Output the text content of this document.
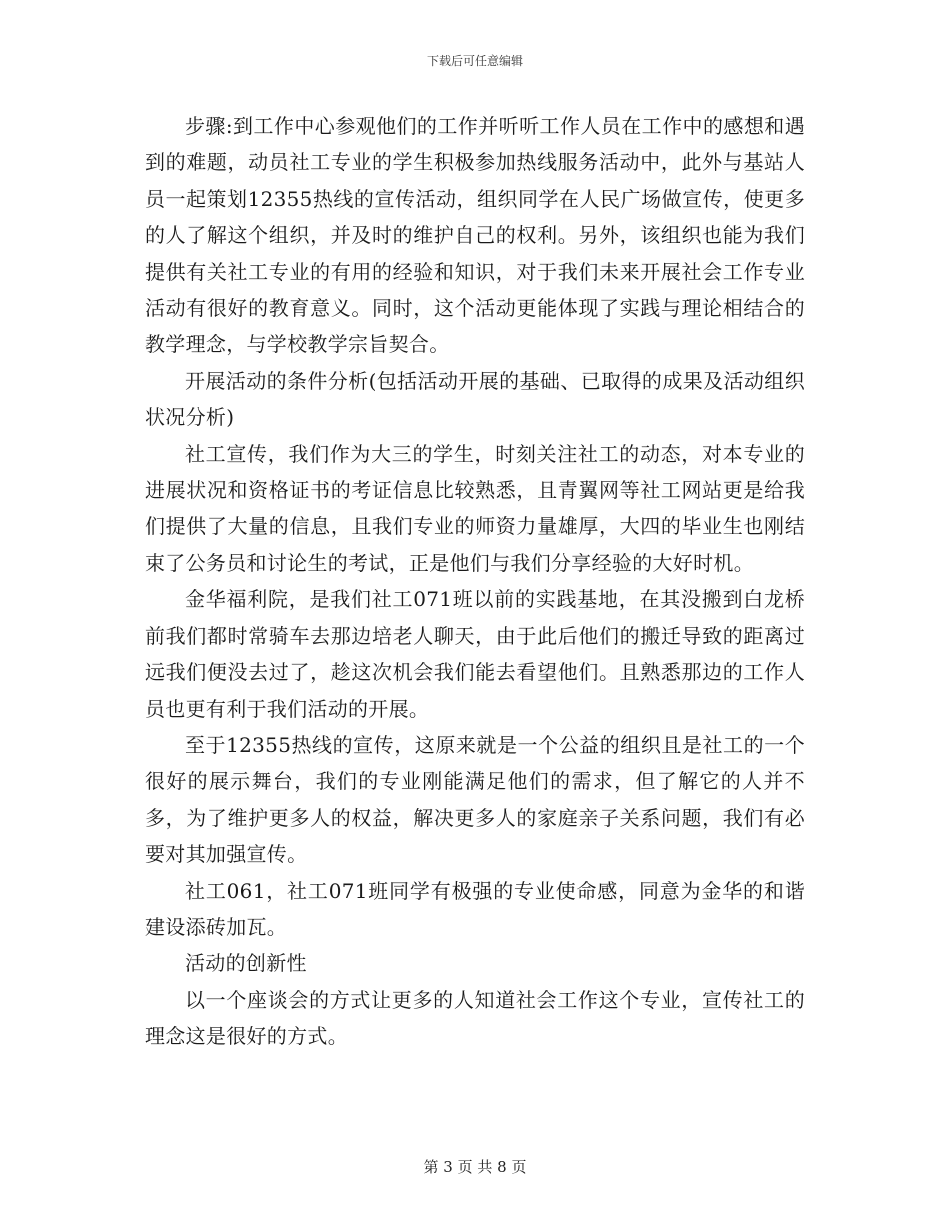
下载后可任意编辑

步骤:到工作中心参观他们的工作并听听工作人员在工作中的感想和遇到的难题，动员社工专业的学生积极参加热线服务活动中，此外与基站人员一起策划12355热线的宣传活动，组织同学在人民广场做宣传，使更多的人了解这个组织，并及时的维护自己的权利。另外，该组织也能为我们提供有关社工专业的有用的经验和知识，对于我们未来开展社会工作专业活动有很好的教育意义。同时，这个活动更能体现了实践与理论相结合的教学理念，与学校教学宗旨契合。

开展活动的条件分析(包括活动开展的基础、已取得的成果及活动组织状况分析)

社工宣传，我们作为大三的学生，时刻关注社工的动态，对本专业的进展状况和资格证书的考证信息比较熟悉，且青翼网等社工网站更是给我们提供了大量的信息，且我们专业的师资力量雄厚，大四的毕业生也刚结束了公务员和讨论生的考试，正是他们与我们分享经验的大好时机。

金华福利院，是我们社工071班以前的实践基地，在其没搬到白龙桥前我们都时常骑车去那边培老人聊天，由于此后他们的搬迁导致的距离过远我们便没去过了，趁这次机会我们能去看望他们。且熟悉那边的工作人员也更有利于我们活动的开展。

至于12355热线的宣传，这原来就是一个公益的组织且是社工的一个很好的展示舞台，我们的专业刚能满足他们的需求，但了解它的人并不多，为了维护更多人的权益，解决更多人的家庭亲子关系问题，我们有必要对其加强宣传。

社工061，社工071班同学有极强的专业使命感，同意为金华的和谐建设添砖加瓦。

活动的创新性

以一个座谈会的方式让更多的人知道社会工作这个专业，宣传社工的理念这是很好的方式。

第 3 页 共 8 页
